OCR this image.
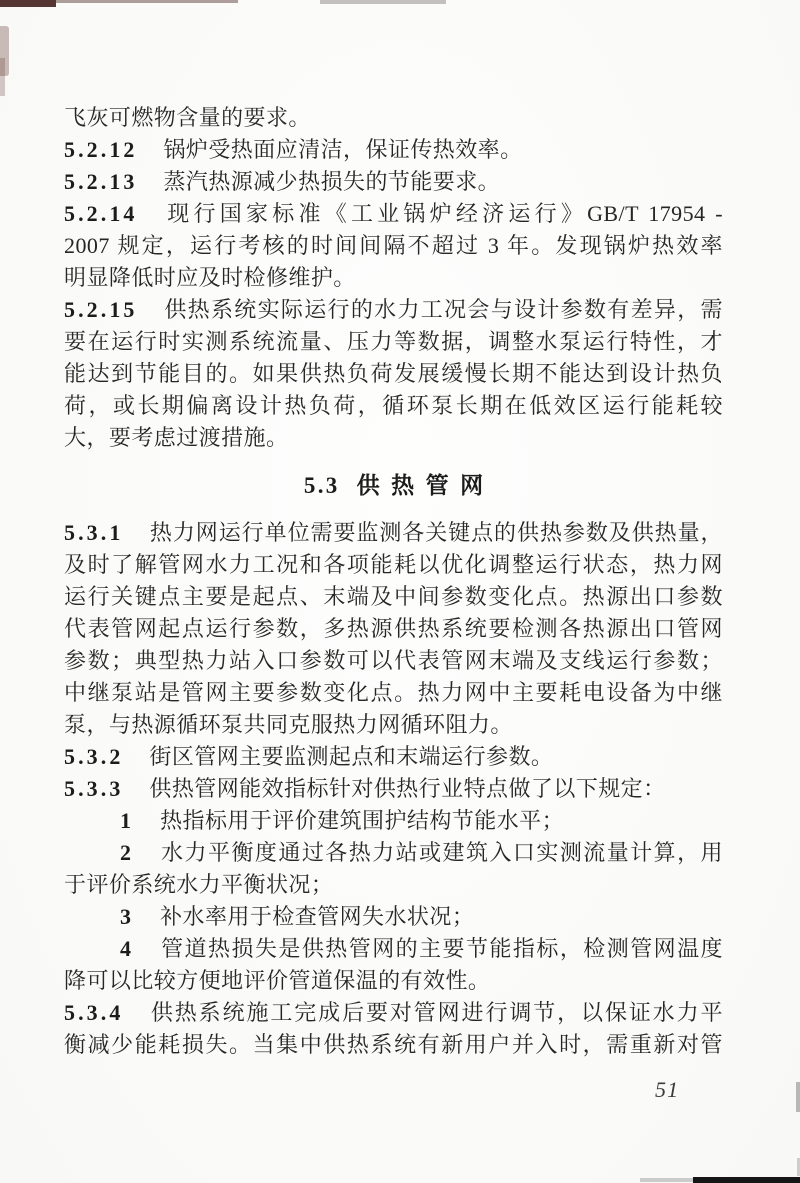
飞灰可燃物含量的要求。
5.2.12 锅炉受热面应清洁，保证传热效率。
5.2.13 蒸汽热源减少热损失的节能要求。
5.2.14 现行国家标准《工业锅炉经济运行》GB/T 17954 -
2007 规定，运行考核的时间间隔不超过 3 年。发现锅炉热效率
明显降低时应及时检修维护。
5.2.15 供热系统实际运行的水力工况会与设计参数有差异，需
要在运行时实测系统流量、压力等数据，调整水泵运行特性，才
能达到节能目的。如果供热负荷发展缓慢长期不能达到设计热负
荷，或长期偏离设计热负荷，循环泵长期在低效区运行能耗较
大，要考虑过渡措施。
5.3 供热管网
5.3.1 热力网运行单位需要监测各关键点的供热参数及供热量，
及时了解管网水力工况和各项能耗以优化调整运行状态，热力网
运行关键点主要是起点、末端及中间参数变化点。热源出口参数
代表管网起点运行参数，多热源供热系统要检测各热源出口管网
参数；典型热力站入口参数可以代表管网末端及支线运行参数；
中继泵站是管网主要参数变化点。热力网中主要耗电设备为中继
泵，与热源循环泵共同克服热力网循环阻力。
5.3.2 街区管网主要监测起点和末端运行参数。
5.3.3 供热管网能效指标针对供热行业特点做了以下规定：
1 热指标用于评价建筑围护结构节能水平；
2 水力平衡度通过各热力站或建筑入口实测流量计算，用
于评价系统水力平衡状况；
3 补水率用于检查管网失水状况；
4 管道热损失是供热管网的主要节能指标，检测管网温度
降可以比较方便地评价管道保温的有效性。
5.3.4 供热系统施工完成后要对管网进行调节，以保证水力平
衡减少能耗损失。当集中供热系统有新用户并入时，需重新对管
51
